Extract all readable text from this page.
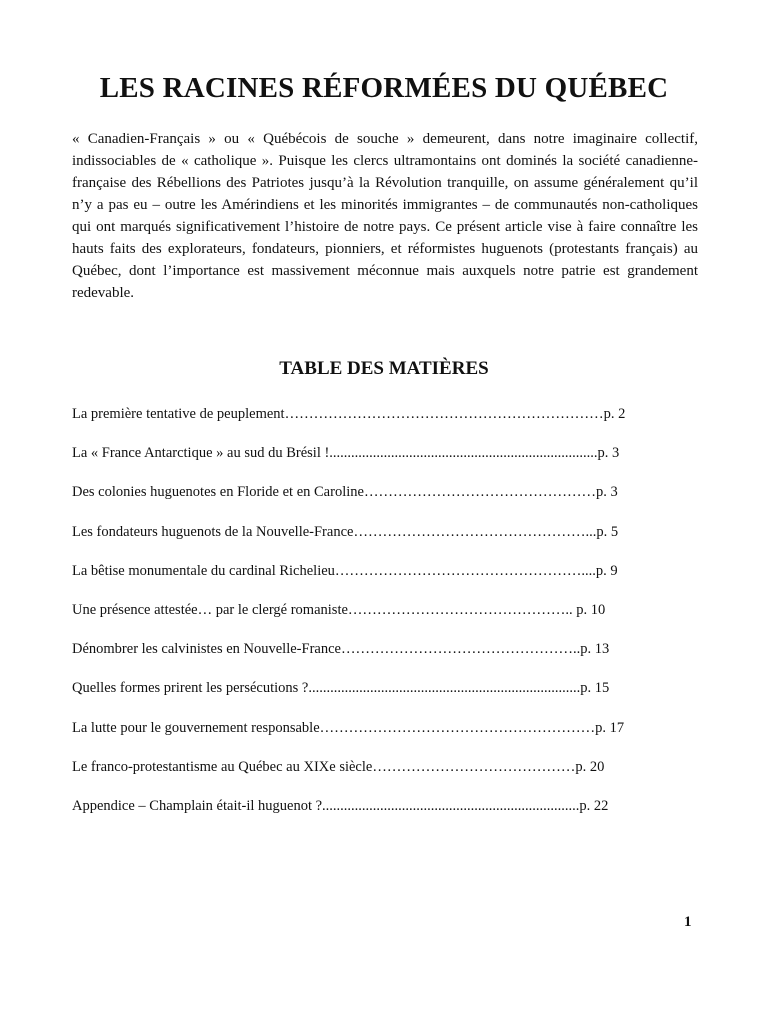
LES RACINES RÉFORMÉES DU QUÉBEC

« Canadien-Français » ou « Québécois de souche » demeurent, dans notre imaginaire collectif, indissociables de « catholique ». Puisque les clercs ultramontains ont dominés la société canadienne-française des Rébellions des Patriotes jusqu’à la Révolution tranquille, on assume généralement qu’il n’y a pas eu – outre les Amérindiens et les minorités immigrantes – de communautés non-catholiques qui ont marqués significativement l’histoire de notre pays. Ce présent article vise à faire connaître les hauts faits des explorateurs, fondateurs, pionniers, et réformistes huguenots (protestants français) au Québec, dont l’importance est massivement méconnue mais auxquels notre patrie est grandement redevable.

TABLE DES MATIÈRES
La première tentative de peuplement…………………………………………………………p. 2
La « France Antarctique » au sud du Brésil !..........................................................................p. 3
Des colonies huguenotes en Floride et en Caroline…………………………………………p. 3
Les fondateurs huguenots de la Nouvelle-France…………………………………………...p. 5
La bêtise monumentale du cardinal Richelieu……………………………………………....p. 9
Une présence attestée… par le clergé romaniste……………………………………….. p. 10
Dénombrer les calvinistes en Nouvelle-France…………………………………………..p. 13
Quelles formes prirent les persécutions ?...........................................................................p. 15
La lutte pour le gouvernement responsable…………………………………………………p. 17
Le franco-protestantisme au Québec au XIXe siècle……………………………………p. 20
Appendice – Champlain était-il huguenot ?.......................................................................p. 22

1
